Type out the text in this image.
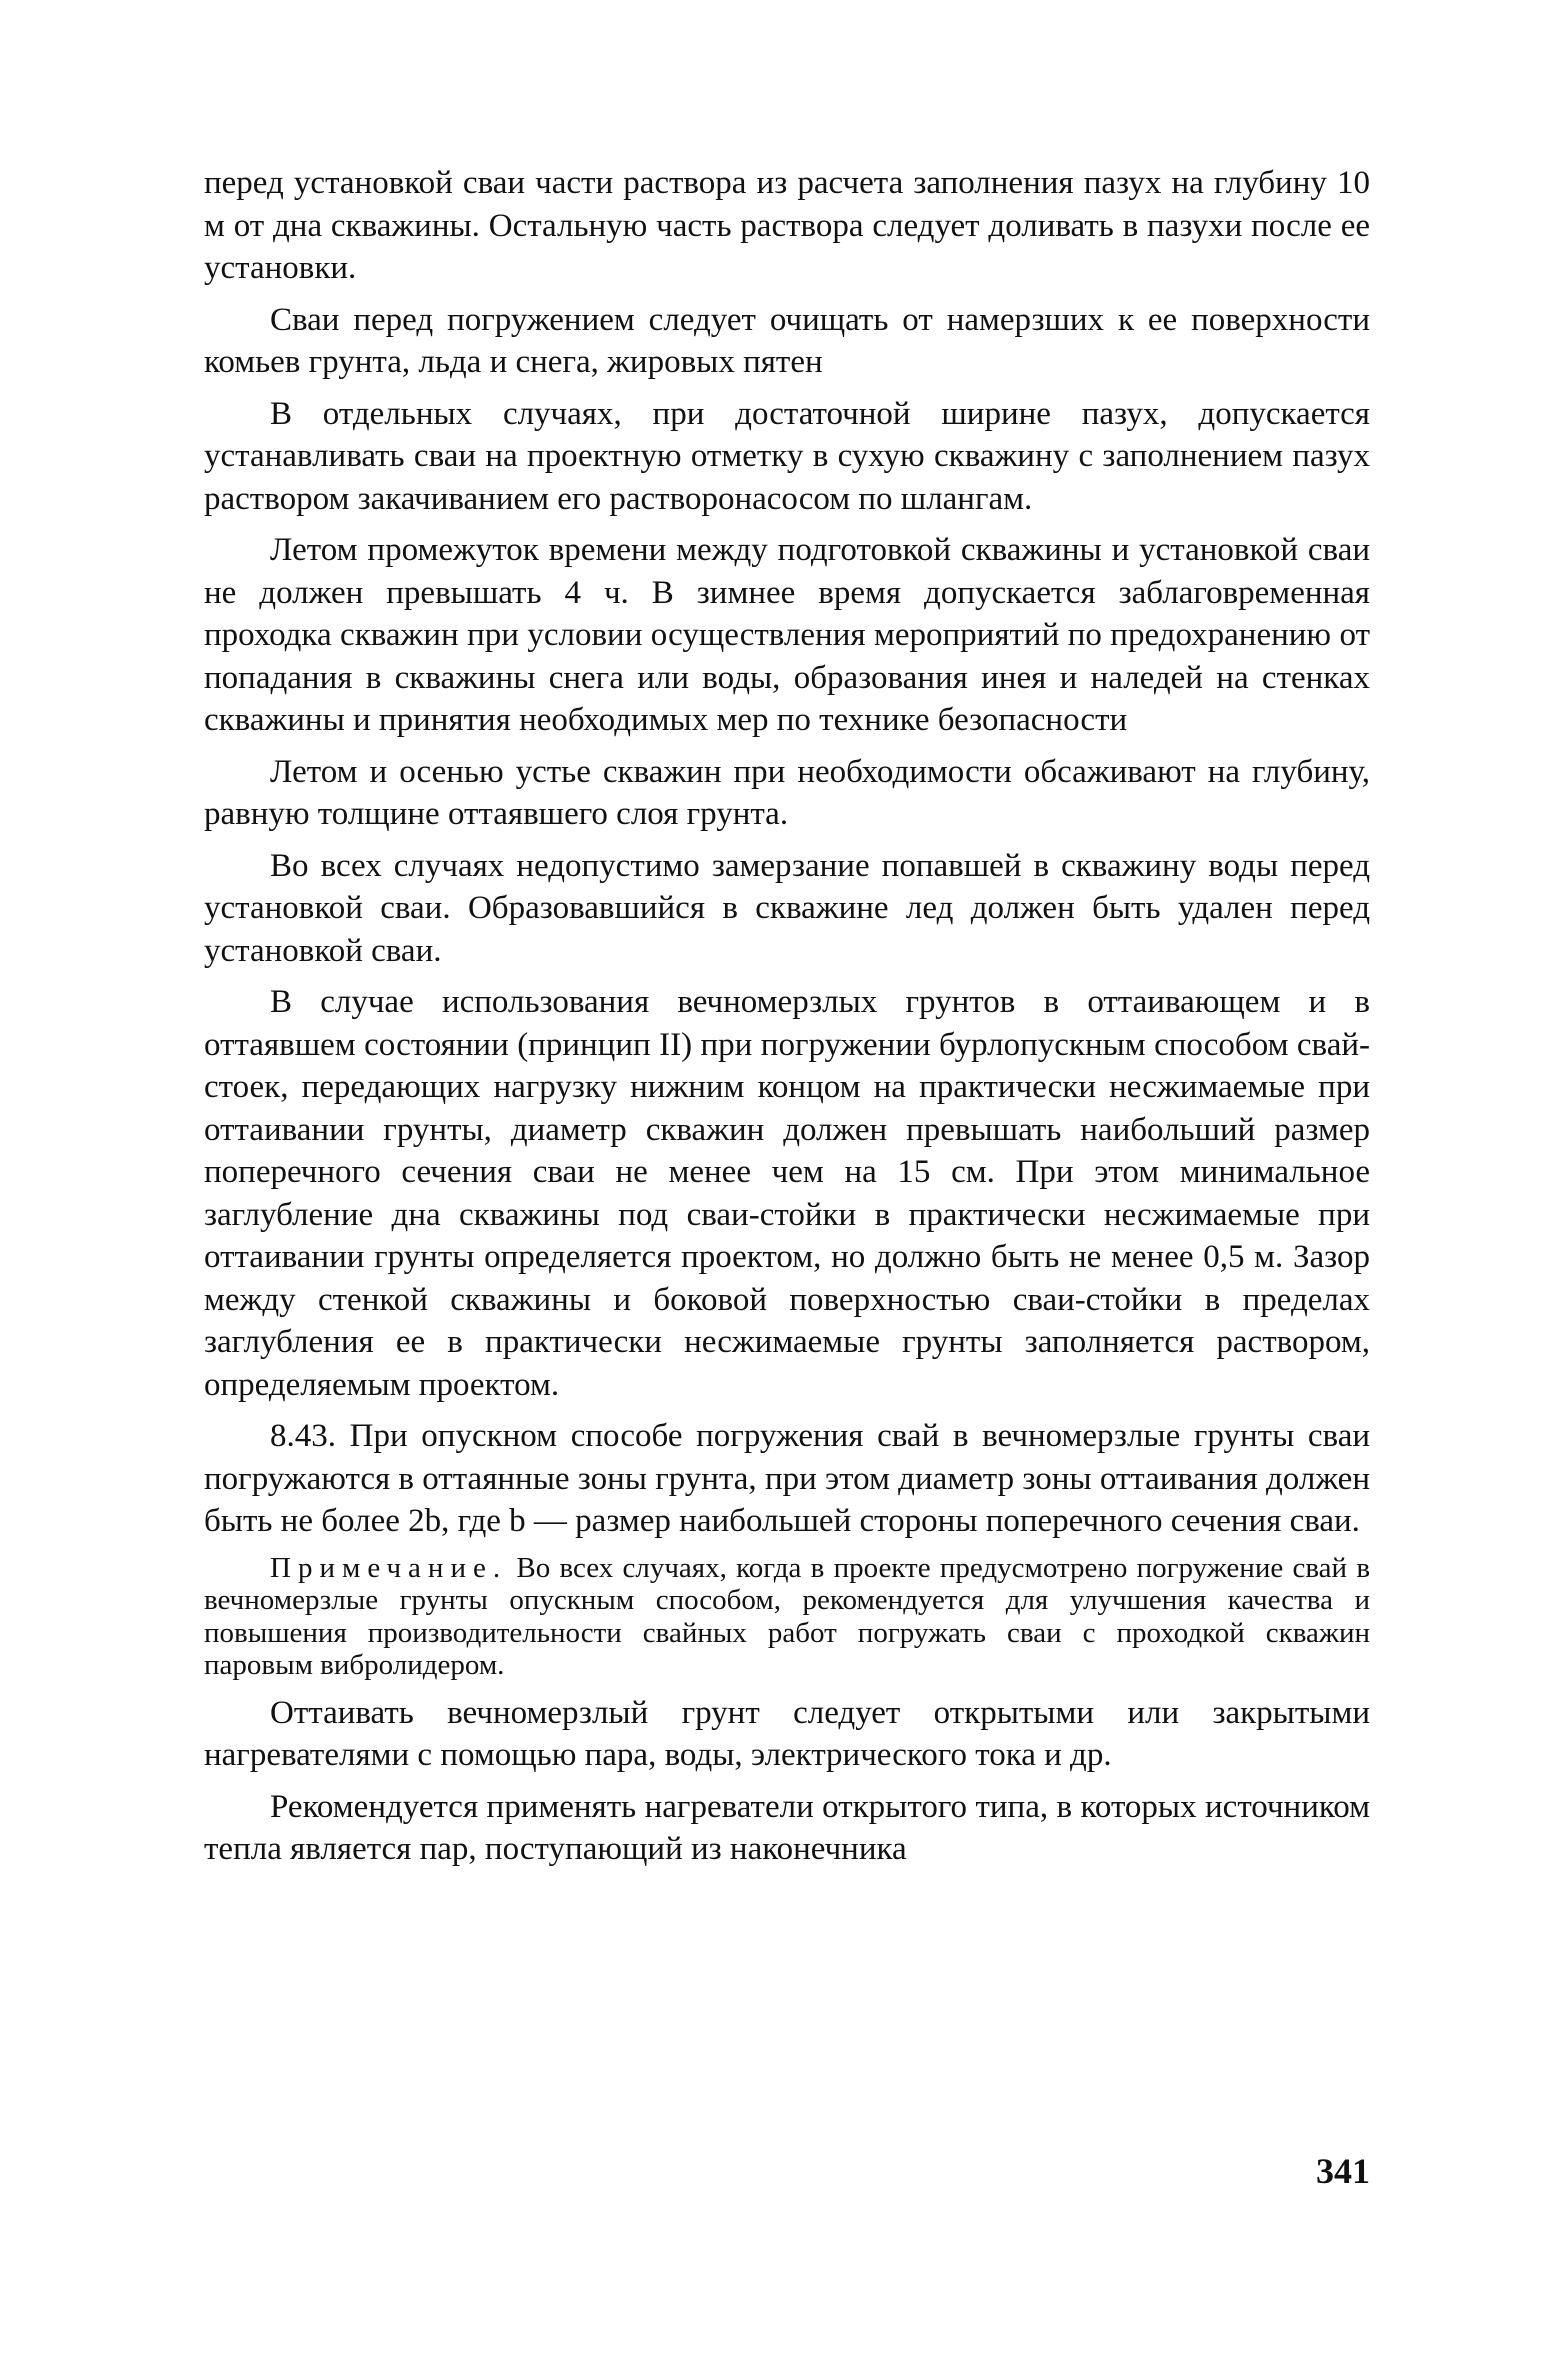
перед установкой сваи части раствора из расчета заполнения пазух на глубину 10 м от дна скважины. Остальную часть раствора следует доливать в пазухи после ее установки.

Сваи перед погружением следует очищать от намерзших к ее поверхности комьев грунта, льда и снега, жировых пятен

В отдельных случаях, при достаточной ширине пазух, допускается устанавливать сваи на проектную отметку в сухую скважину с заполнением пазух раствором закачиванием его растворонасосом по шлангам.

Летом промежуток времени между подготовкой скважины и установкой сваи не должен превышать 4 ч. В зимнее время допускается заблаговременная проходка скважин при условии осуществления мероприятий по предохранению от попадания в скважины снега или воды, образования инея и наледей на стенках скважины и принятия необходимых мер по технике безопасности

Летом и осенью устье скважин при необходимости обсаживают на глубину, равную толщине оттаявшего слоя грунта.

Во всех случаях недопустимо замерзание попавшей в скважину воды перед установкой сваи. Образовавшийся в скважине лед должен быть удален перед установкой сваи.

В случае использования вечномерзлых грунтов в оттаивающем и в оттаявшем состоянии (принцип II) при погружении бурлопускным способом свай-стоек, передающих нагрузку нижним концом на практически несжимаемые при оттаивании грунты, диаметр скважин должен превышать наибольший размер поперечного сечения сваи не менее чем на 15 см. При этом минимальное заглубление дна скважины под сваи-стойки в практически несжимаемые при оттаивании грунты определяется проектом, но должно быть не менее 0,5 м. Зазор между стенкой скважины и боковой поверхностью сваи-стойки в пределах заглубления ее в практически несжимаемые грунты заполняется раствором, определяемым проектом.

8.43. При опускном способе погружения свай в вечномерзлые грунты сваи погружаются в оттаянные зоны грунта, при этом диаметр зоны оттаивания должен быть не более 2b, где b — размер наибольшей стороны поперечного сечения сваи.

Примечание. Во всех случаях, когда в проекте предусмотрено погружение свай в вечномерзлые грунты опускным способом, рекомендуется для улучшения качества и повышения производительности свайных работ погружать сваи с проходкой скважин паровым вибролидером.

Оттаивать вечномерзлый грунт следует открытыми или закрытыми нагревателями с помощью пара, воды, электрического тока и др.

Рекомендуется применять нагреватели открытого типа, в которых источником тепла является пар, поступающий из наконечника

341
